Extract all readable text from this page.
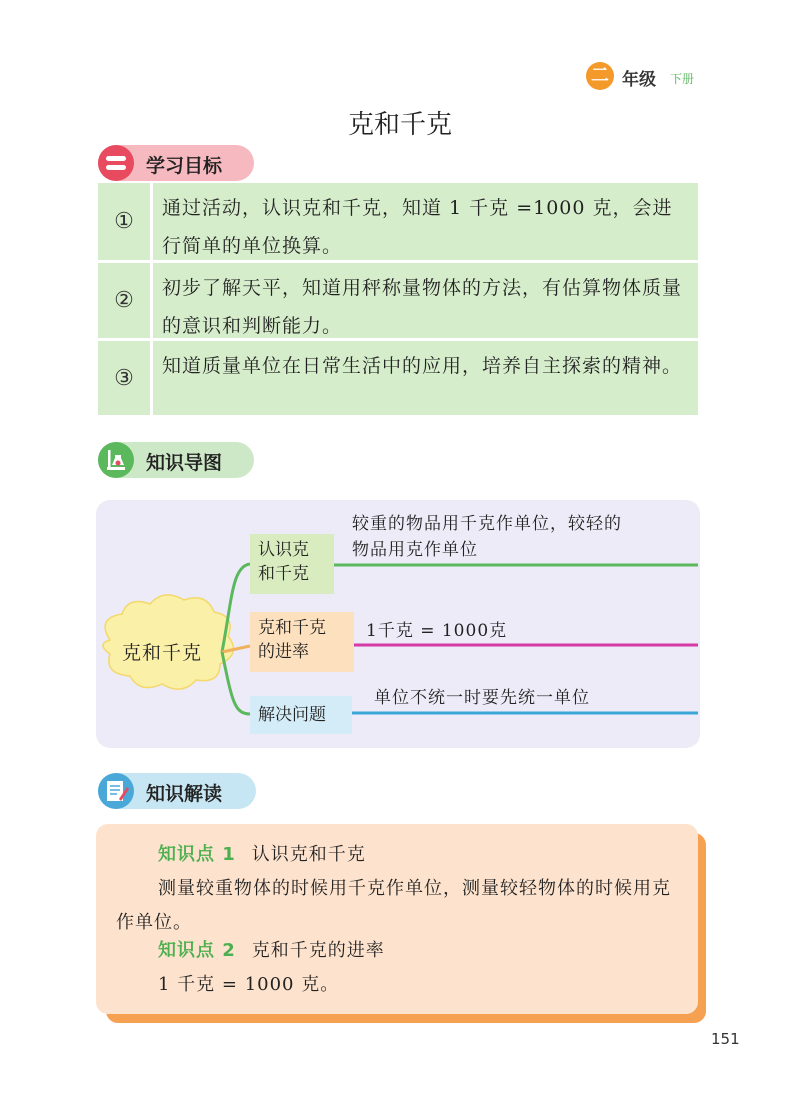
二 年级 下册
克和千克
学习目标
①
通过活动，认识克和千克，知道 1 千克 =1000 克，会进行简单的单位换算。
②	初步了解天平，知道用秤称量物体的方法，有估算物体质量的意识和判断能力。
③	知道质量单位在日常生活中的应用，培养自主探索的精神。
知识导图
克和千克
认识克
和千克
克和千克
的进率
解决问题
较重的物品用千克作单位，较轻的
物品用克作单位
1千克 = 1000克
单位不统一时要先统一单位
知识解读
知识点 1 认识克和千克
测量较重物体的时候用千克作单位，测量较轻物体的时候用克作单位。
知识点 2 克和千克的进率
1 千克 = 1000 克。
151
